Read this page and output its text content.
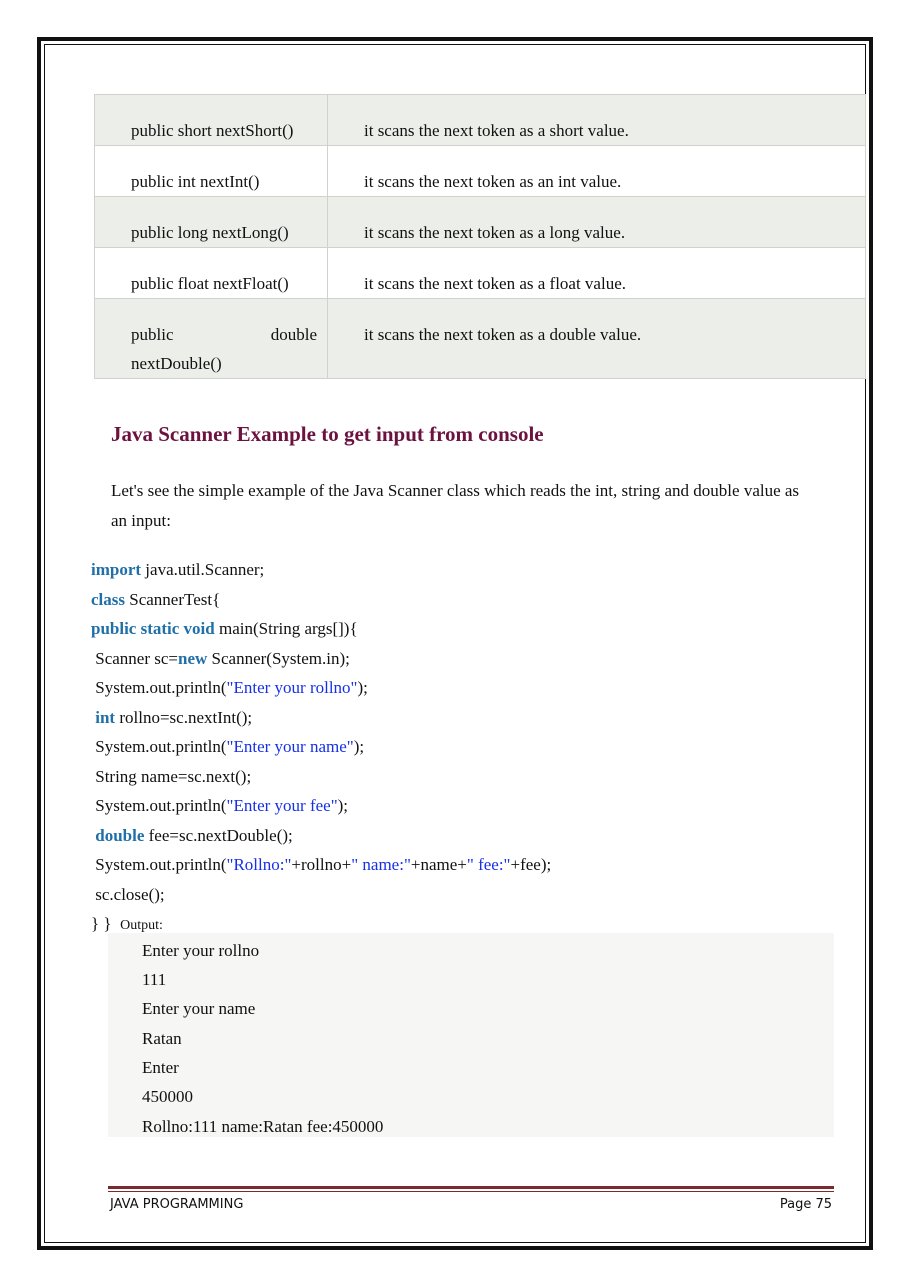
public short nextShort()	it scans the next token as a short value.

public int nextInt()	it scans the next token as an int value.

public long nextLong()	it scans the next token as a long value.

public float nextFloat()	it scans the next token as a float value.

public double
nextDouble()	it scans the next token as a double value.
Java Scanner Example to get input from console

Let's see the simple example of the Java Scanner class which reads the int, string and double value as an input:

import java.util.Scanner;
class ScannerTest{
public static void main(String args[]){
Scanner sc=new Scanner(System.in);
System.out.println("Enter your rollno");
int rollno=sc.nextInt();
System.out.println("Enter your name");
String name=sc.next();
System.out.println("Enter your fee");
double fee=sc.nextDouble();
System.out.println("Rollno:"+rollno+" name:"+name+" fee:"+fee);
sc.close();
} }  Output:
Enter your rollno
111
Enter your name
Ratan
Enter
450000
Rollno:111 name:Ratan fee:450000
JAVA PROGRAMMING	Page 75
